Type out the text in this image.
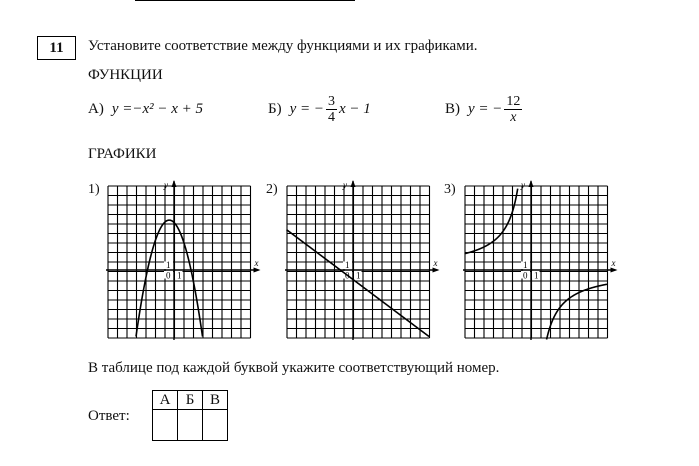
11	Установите соответствие между функциями и их графиками.
ФУНКЦИИ
А) y = −x² − x + 5	Б) y = − $\frac{3}{4}$ x − 1	В) y = − $\frac{12}{x}$
ГРАФИКИ
1)	2)	3)
1
0 1
y
x	1
0 1
y
x	1
0 1
y
x
В таблице под каждой буквой укажите соответствующий номер.
Ответ:
А	Б	В
